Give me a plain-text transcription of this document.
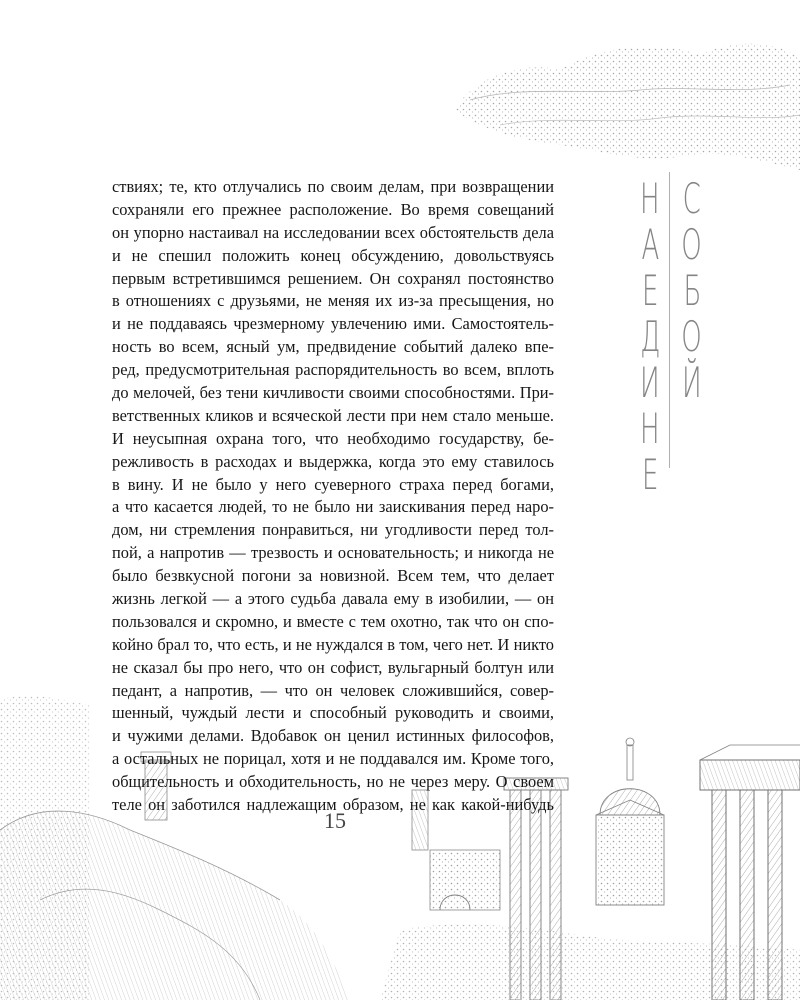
ствиях; те, кто отлучались по своим делам, при возвращении
сохраняли его прежнее расположение. Во время совещаний
он упорно настаивал на исследовании всех обстоятельств дела
и не спешил положить конец обсуждению, довольствуясь
первым встретившимся решением. Он сохранял постоянство
в отношениях с друзьями, не меняя их из-за пресыщения, но
и не поддаваясь чрезмерному увлечению ими. Самостоятель-
ность во всем, ясный ум, предвидение событий далеко впе-
ред, предусмотрительная распорядительность во всем, вплоть
до мелочей, без тени кичливости своими способностями. При-
ветственных кликов и всяческой лести при нем стало меньше.
И неусыпная охрана того, что необходимо государству, бе-
режливость в расходах и выдержка, когда это ему ставилось
в вину. И не было у него суеверного страха перед богами,
а что касается людей, то не было ни заискивания перед наро-
дом, ни стремления понравиться, ни угодливости перед тол-
пой, а напротив — трезвость и основательность; и никогда не
было безвкусной погони за новизной. Всем тем, что делает
жизнь легкой — а этого судьба давала ему в изобилии, — он
пользовался и скромно, и вместе с тем охотно, так что он спо-
койно брал то, что есть, и не нуждался в том, чего нет. И никто
не сказал бы про него, что он софист, вульгарный болтун или
педант, а напротив, — что он человек сложившийся, совер-
шенный, чуждый лести и способный руководить и своими,
и чужими делами. Вдобавок он ценил истинных философов,
а остальных не порицал, хотя и не поддавался им. Кроме того,
общительность и обходительность, но не через меру. О своем
теле он заботился надлежащим образом, не как какой-нибудь
Н
А
Е
Д
И
Н
Е
С
О
Б
О
Й
15
